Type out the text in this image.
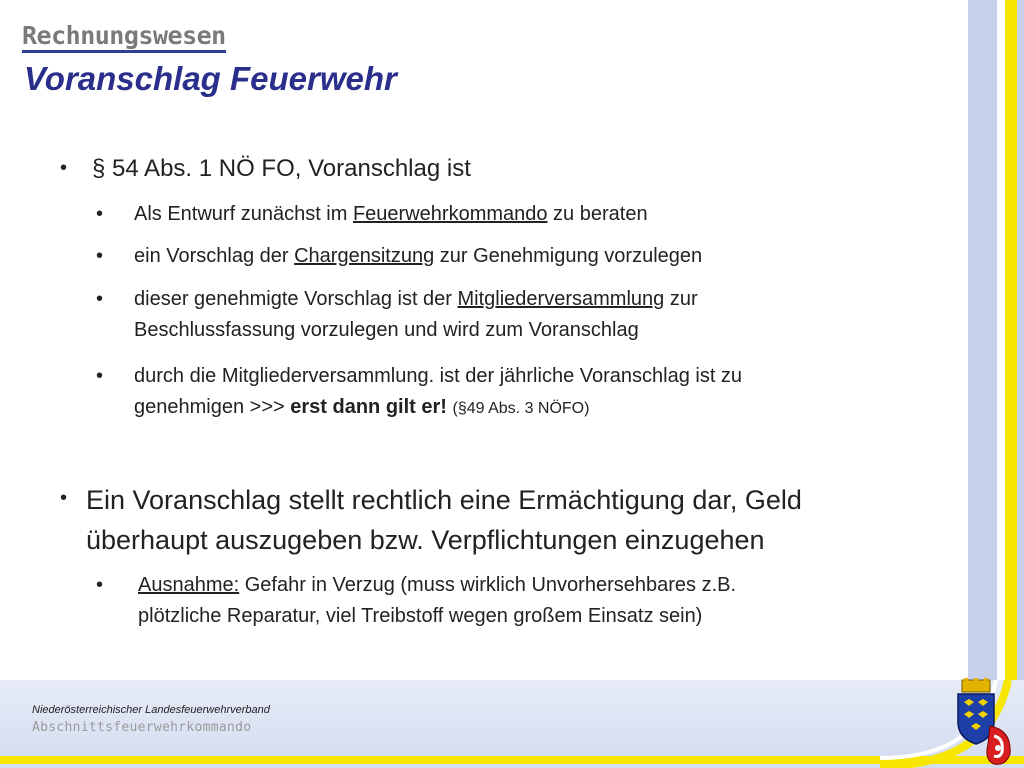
Rechnungswesen
Voranschlag Feuerwehr
• § 54 Abs. 1 NÖ FO, Voranschlag ist
• Als Entwurf zunächst im Feuerwehrkommando zu beraten
• ein Vorschlag der Chargensitzung zur Genehmigung vorzulegen
• dieser genehmigte Vorschlag ist der Mitgliederversammlung zur
Beschlussfassung vorzulegen und wird zum Voranschlag
• durch die Mitgliederversammlung. ist der jährliche Voranschlag ist zu
genehmigen >>> erst dann gilt er! (§49 Abs. 3 NÖFO)
• Ein Voranschlag stellt rechtlich eine Ermächtigung dar, Geld
überhaupt auszugeben bzw. Verpflichtungen einzugehen
• Ausnahme: Gefahr in Verzug (muss wirklich Unvorhersehbares z.B.
plötzliche Reparatur, viel Treibstoff wegen großem Einsatz sein)

Niederösterreichischer Landesfeuerwehrverband

Abschnittsfeuerwehrkommando
